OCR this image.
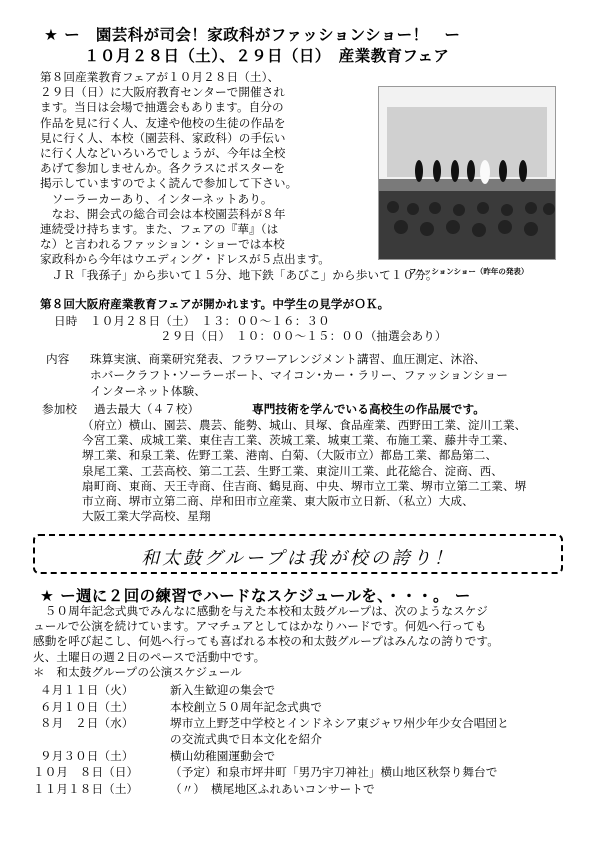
★ ー　園芸科が司会！家政科がファッションショー！　ー
１０月２８日（土）、２９日（日）　産業教育フェア
第８回産業教育フェアが１０月２８日（土）、
２９日（日）に大阪府教育センターで開催され
ます。当日は会場で抽選会もあります。自分の
作品を見に行く人、友達や他校の生徒の作品を
見に行く人、本校（園芸科、家政科）の手伝い
に行く人などいろいろでしょうが、今年は全校
あげて参加しませんか。各クラスにポスターを
掲示していますのでよく読んで参加して下さい。
　ソーラーカーあり、インターネットあり。
　なお、開会式の総合司会は本校園芸科が８年
連続受け持ちます。また、フェアの『華』（は
な）と言われるファッション・ショーでは本校
家政科から今年はウエディング・ドレスが５点出ます。
　ＪＲ「我孫子」から歩いて１５分、地下鉄「あびこ」から歩いて１０分。
ファッションショー（昨年の発表）
第８回大阪府産業教育フェアが開かれます。中学生の見学がＯＫ。
日時 １０月２８日（土）　１３：００～１６：３０
２９日（日）　１０：００～１５：００（抽選会あり）
内容 珠算実演、商業研究発表、フラワーアレンジメント講習、血圧測定、沐浴、
ホバークラフト･ソーラーボート、マイコン･カー・ラリー、ファッションショー
インターネット体験、
参加校 過去最大（４７校）	専門技術を学んでいる高校生の作品展です。
（府立）横山、園芸、農芸、能勢、城山、貝塚、食品産業、西野田工業、淀川工業、
今宮工業、成城工業、東住吉工業、茨城工業、城東工業、布施工業、藤井寺工業、
堺工業、和泉工業、佐野工業、港南、白菊、（大阪市立）都島工業、都島第二、
泉尾工業、工芸高校、第二工芸、生野工業、東淀川工業、此花総合、淀商、西、
扇町商、東商、天王寺商、住吉商、鶴見商、中央、堺市立工業、堺市立第二工業、堺
市立商、堺市立第二商、岸和田市立産業、東大阪市立日新、（私立）大成、
大阪工業大学高校、星翔
和太鼓グループは我が校の誇り！
★ ー週に２回の練習でハードなスケジュールを、・・・。 ー
　５０周年記念式典でみんなに感動を与えた本校和太鼓グループは、次のようなスケジ
ュールで公演を続けています。アマチュアとしてはかなりハードです。何処へ行っても
感動を呼び起こし、何処へ行っても喜ばれる本校の和太鼓グループはみんなの誇りです。
火、土曜日の週２日のペースで活動中です。
＊　和太鼓グループの公演スケジュール
４月１１日（火）	新入生歓迎の集会で
６月１０日（土）	本校創立５０周年記念式典で
８月　２日（水）	堺市立上野芝中学校とインドネシア東ジャワ州少年少女合唱団と
の交流式典で日本文化を紹介
９月３０日（土）	横山幼稚園運動会で
１０月　８日（日）	（予定）和泉市坪井町「男乃宇刀神社」横山地区秋祭り舞台で
１１月１８日（土）	（〃）　横尾地区ふれあいコンサートで
